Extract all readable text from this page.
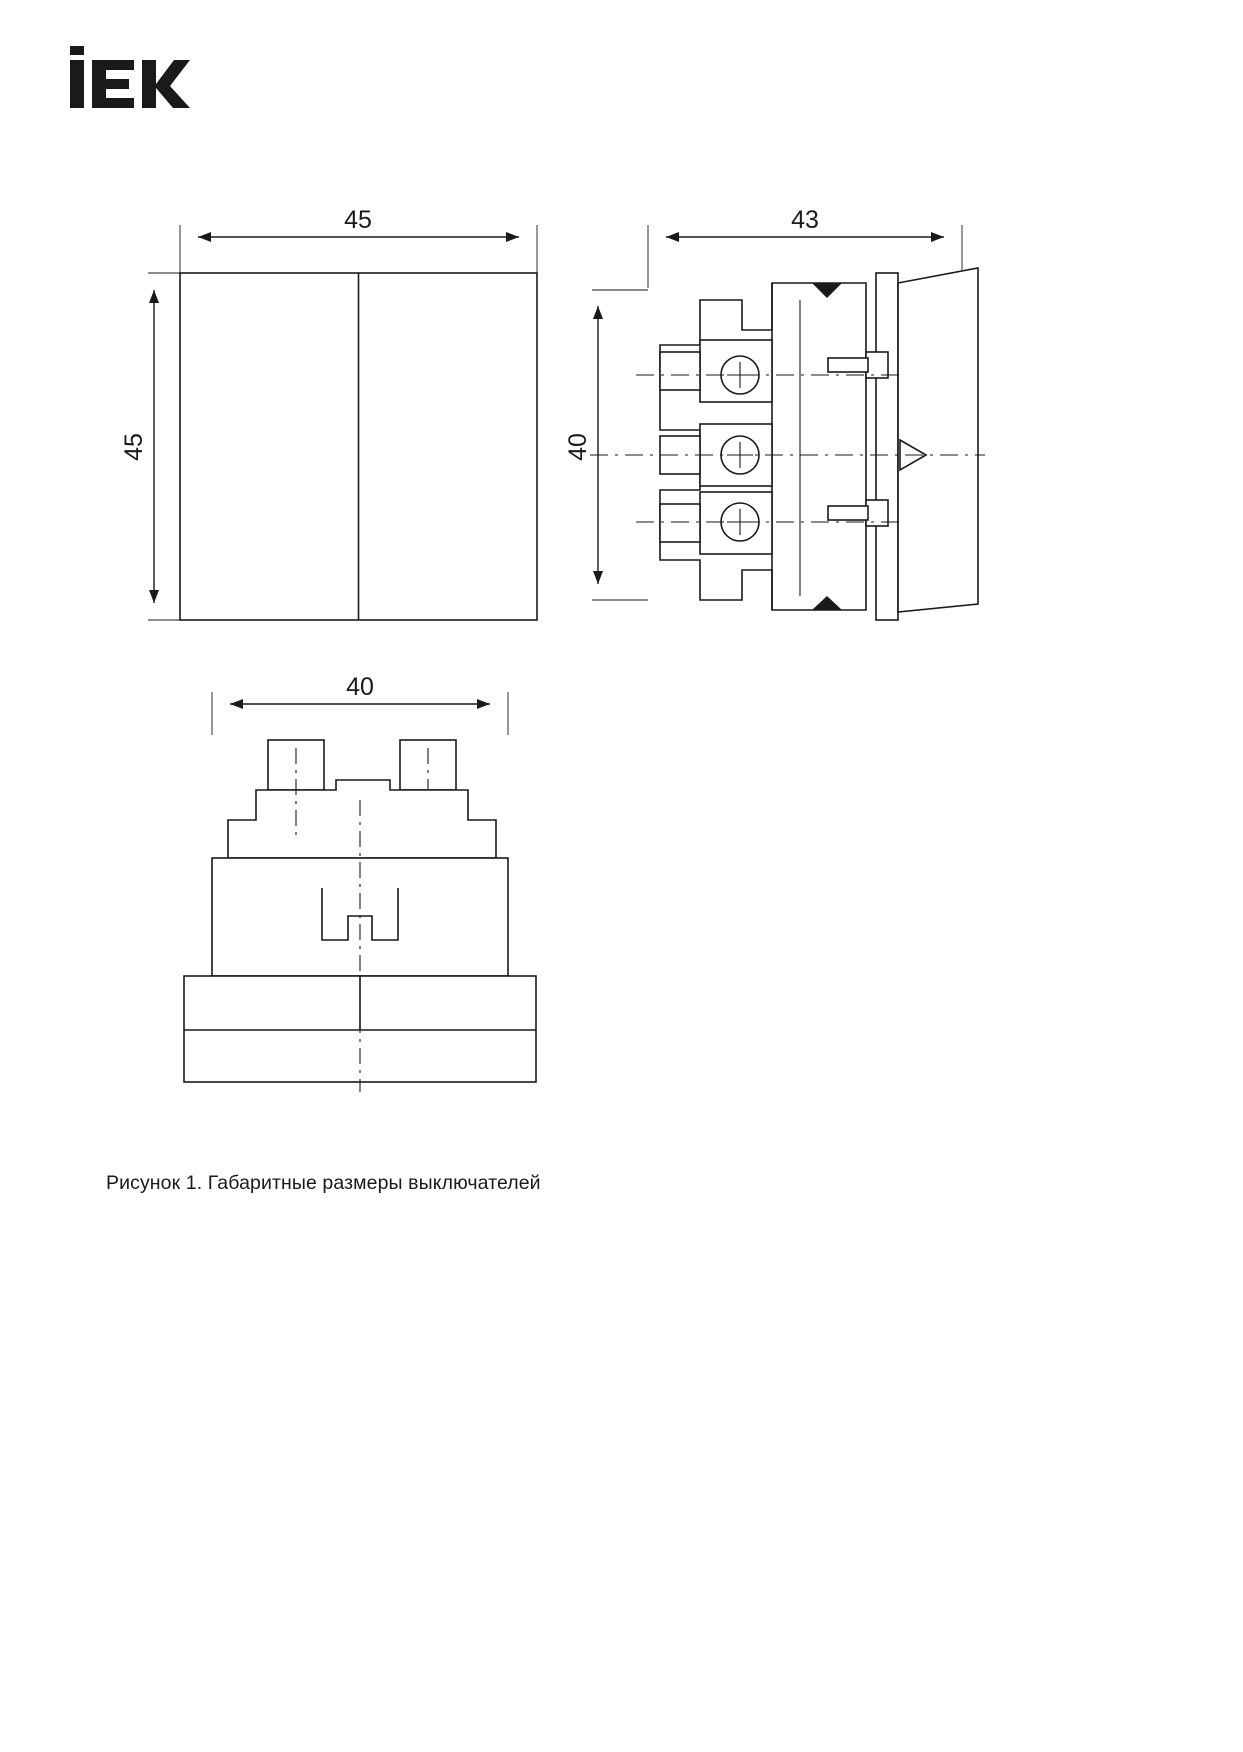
45
45
43
40
40
Рисунок 1. Габаритные размеры выключателей
